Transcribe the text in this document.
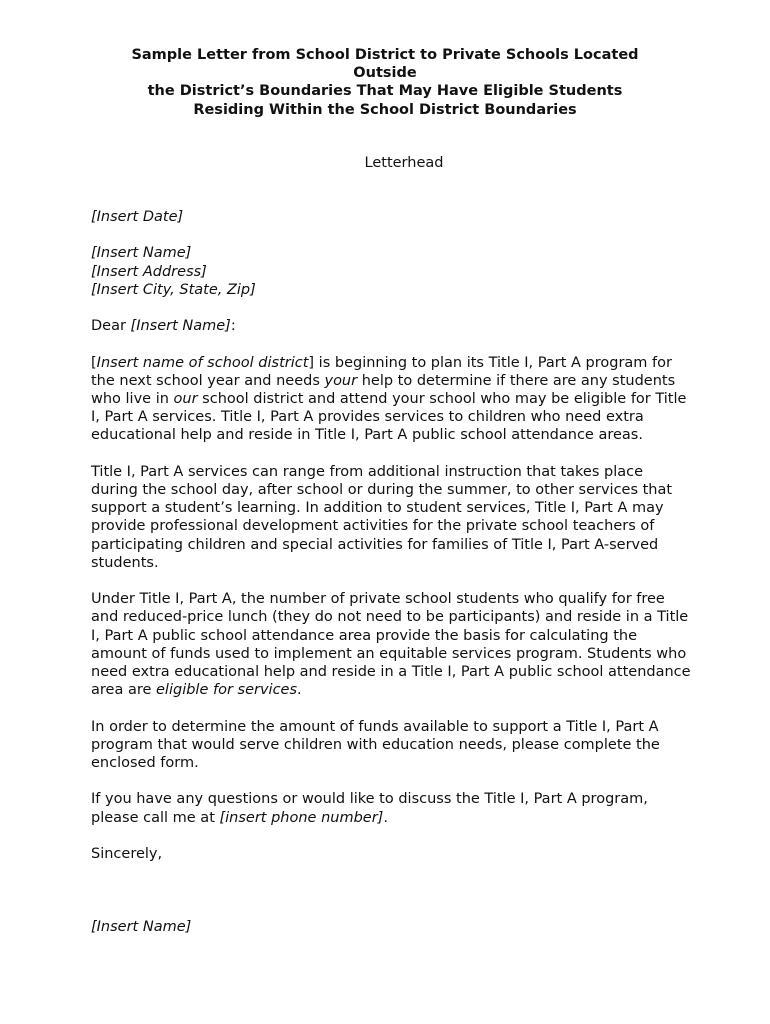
Sample Letter from School District to Private Schools Located
Outside
the District’s Boundaries That May Have Eligible Students
Residing Within the School District Boundaries
Letterhead

[Insert Date]

[Insert Name]

[Insert Address]

[Insert City, State, Zip]

Dear [Insert Name]:

[Insert name of school district] is beginning to plan its Title I, Part A program for the next school year and needs your help to determine if there are any students who live in our school district and attend your school who may be eligible for Title I, Part A services. Title I, Part A provides services to children who need extra educational help and reside in Title I, Part A public school attendance areas.

Title I, Part A services can range from additional instruction that takes place during the school day, after school or during the summer, to other services that support a student’s learning. In addition to student services, Title I, Part A may provide professional development activities for the private school teachers of participating children and special activities for families of Title I, Part A-served students.

Under Title I, Part A, the number of private school students who qualify for free and reduced-price lunch (they do not need to be participants) and reside in a Title I, Part A public school attendance area provide the basis for calculating the amount of funds used to implement an equitable services program. Students who need extra educational help and reside in a Title I, Part A public school attendance area are eligible for services.

In order to determine the amount of funds available to support a Title I, Part A program that would serve children with education needs, please complete the enclosed form.

If you have any questions or would like to discuss the Title I, Part A program, please call me at [insert phone number].

Sincerely,

[Insert Name]
